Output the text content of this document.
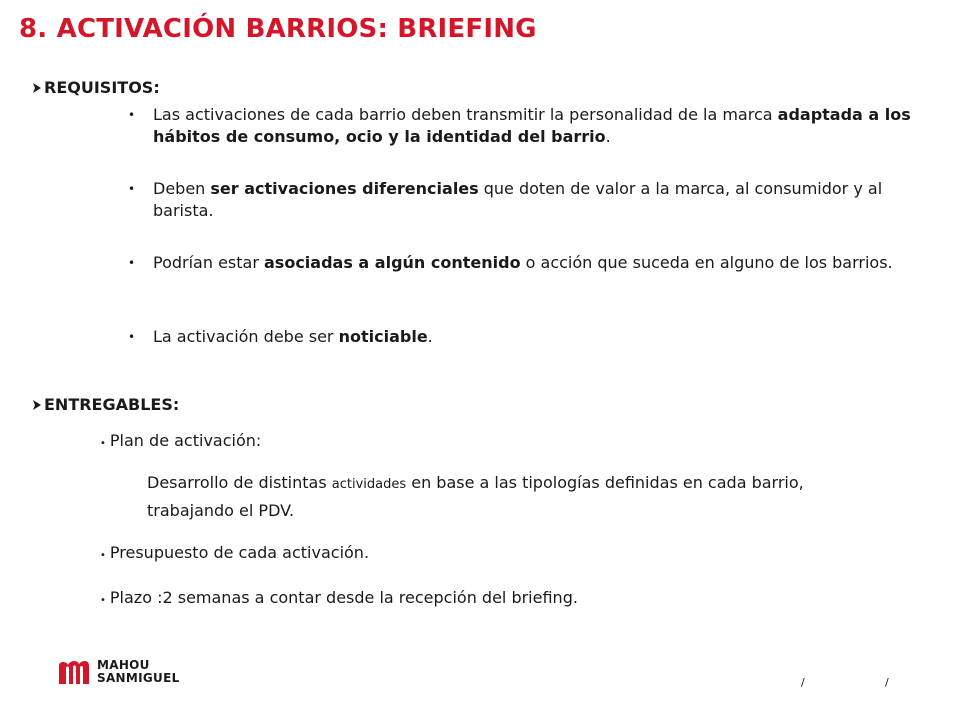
8. ACTIVACIÓN BARRIOS: BRIEFING
REQUISITOS:
• Las activaciones de cada barrio deben transmitir la personalidad de la marca adaptada a los hábitos de consumo, ocio y la identidad del barrio.
• Deben ser activaciones diferenciales que doten de valor a la marca, al consumidor y al barista.
• Podrían estar asociadas a algún contenido o acción que suceda en alguno de los barrios.
• La activación debe ser noticiable.
ENTREGABLES:
• Plan de activación:
Desarrollo de distintas actividades en base a las tipologías definidas en cada barrio, trabajando el PDV.
• Presupuesto de cada activación.
• Plazo :2 semanas a contar desde la recepción del briefing.
MAHOU
SANMIGUEL	/	/
